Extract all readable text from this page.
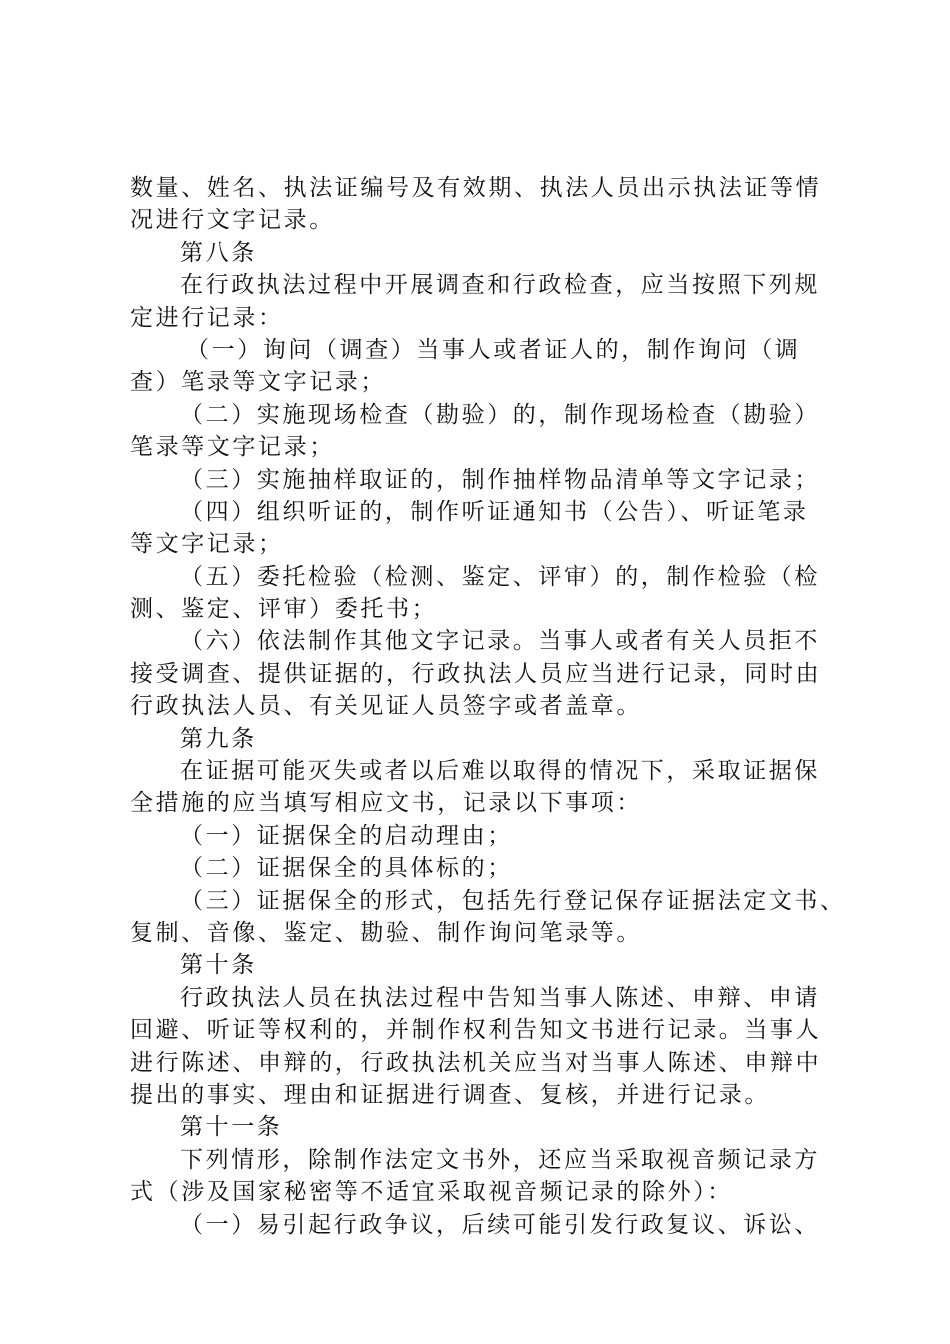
数量、姓名、执法证编号及有效期、执法人员出示执法证等情
况进行文字记录。
第八条
在行政执法过程中开展调查和行政检查，应当按照下列规
定进行记录：
（一）询问（调查）当事人或者证人的，制作询问（调
查）笔录等文字记录；
（二）实施现场检查（勘验）的，制作现场检查（勘验）
笔录等文字记录；
（三）实施抽样取证的，制作抽样物品清单等文字记录；
（四）组织听证的，制作听证通知书（公告）、听证笔录
等文字记录；
（五）委托检验（检测、鉴定、评审）的，制作检验（检
测、鉴定、评审）委托书；
（六）依法制作其他文字记录。当事人或者有关人员拒不
接受调查、提供证据的，行政执法人员应当进行记录，同时由
行政执法人员、有关见证人员签字或者盖章。
第九条
在证据可能灭失或者以后难以取得的情况下，采取证据保
全措施的应当填写相应文书，记录以下事项：
（一）证据保全的启动理由；
（二）证据保全的具体标的；
（三）证据保全的形式，包括先行登记保存证据法定文书、
复制、音像、鉴定、勘验、制作询问笔录等。
第十条
行政执法人员在执法过程中告知当事人陈述、申辩、申请
回避、听证等权利的，并制作权利告知文书进行记录。当事人
进行陈述、申辩的，行政执法机关应当对当事人陈述、申辩中
提出的事实、理由和证据进行调查、复核，并进行记录。
第十一条
下列情形，除制作法定文书外，还应当采取视音频记录方
式（涉及国家秘密等不适宜采取视音频记录的除外）：
（一）易引起行政争议，后续可能引发行政复议、诉讼、
